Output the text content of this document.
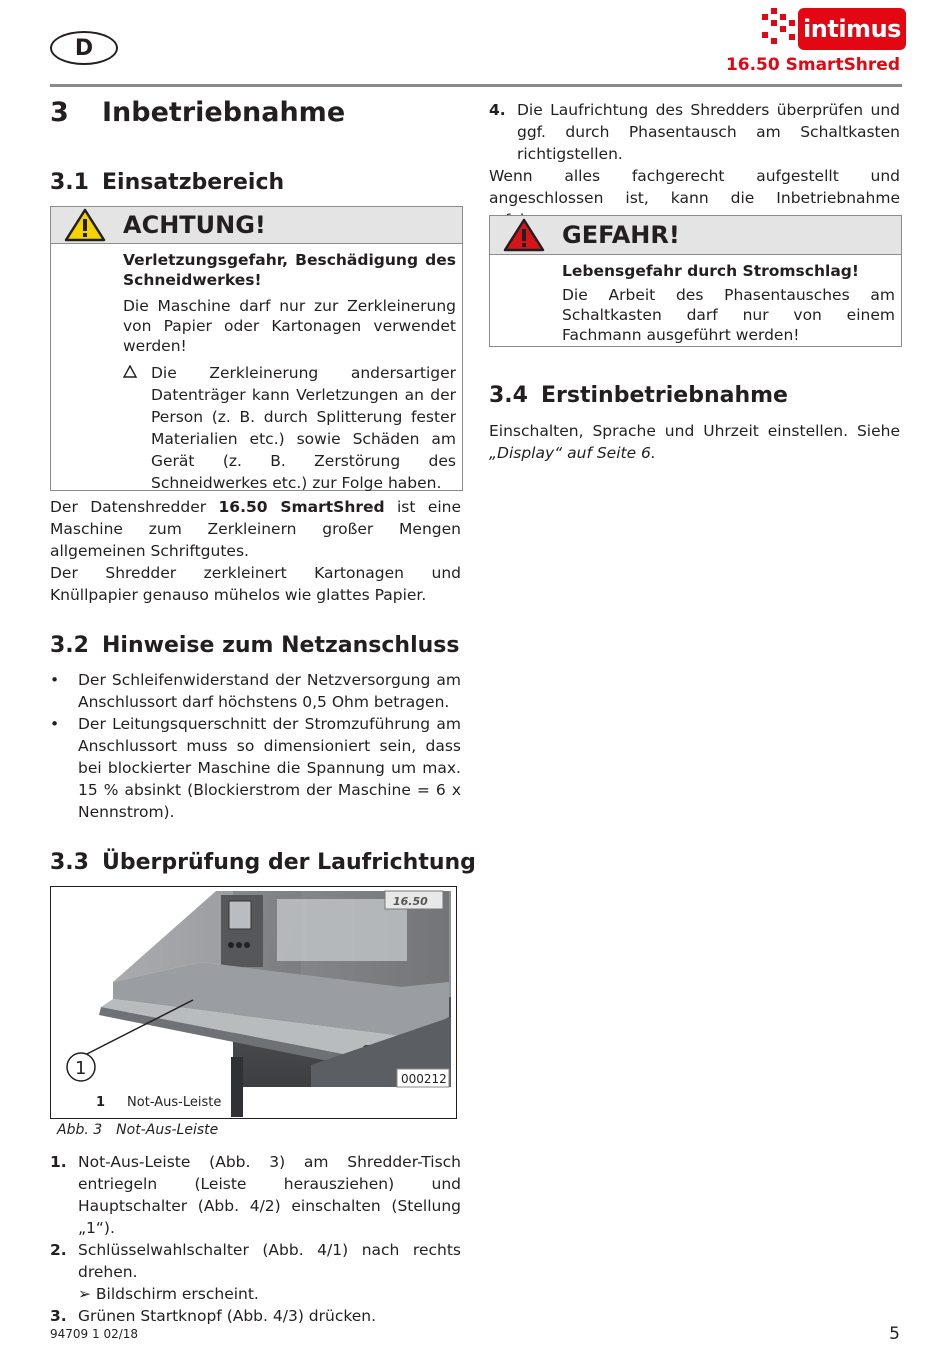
D
intimus
16.50 SmartShred
3 Inbetriebnahme
3.1 Einsatzbereich
ACHTUNG!

Verletzungsgefahr, Beschädigung des Schneidwerkes!

Die Maschine darf nur zur Zerkleinerung von Papier oder Kartonagen verwendet werden!

Die Zerkleinerung andersartiger Datenträger kann Verletzungen an der Person (z. B. durch Splitterung fester Materialien etc.) sowie Schäden am Gerät (z. B. Zerstörung des Schneidwerkes etc.) zur Folge haben.
Der Datenshredder 16.50 SmartShred ist eine Maschine zum Zerkleinern großer Mengen allgemeinen Schriftgutes.
Der Shredder zerkleinert Kartonagen und Knüllpapier genauso mühelos wie glattes Papier.
3.2 Hinweise zum Netzanschluss
• Der Schleifenwiderstand der Netzversorgung am Anschlussort darf höchstens 0,5 Ohm betragen.
• Der Leitungsquerschnitt der Stromzuführung am Anschlussort muss so dimensioniert sein, dass bei blockierter Maschine die Spannung um max. 15 % absinkt (Blockierstrom der Maschine = 6 x Nennstrom).
3.3 Überprüfung der Laufrichtung
16.50
1	000212
1 Not-Aus-Leiste
Abb. 3 Not-Aus-Leiste
1. Not-Aus-Leiste (Abb. 3) am Shredder-Tisch entriegeln (Leiste herausziehen) und Hauptschalter (Abb. 4/2) einschalten (Stellung „1“).
2. Schlüsselwahlschalter (Abb. 4/1) nach rechts drehen.
➢ Bildschirm erscheint.
3. Grünen Startknopf (Abb. 4/3) drücken.
4. Die Laufrichtung des Shredders überprüfen und ggf. durch Phasentausch am Schaltkasten richtigstellen.
Wenn alles fachgerecht aufgestellt und angeschlossen ist, kann die Inbetriebnahme
GEFAHR!

Lebensgefahr durch Stromschlag!

Die Arbeit des Phasentausches am Schaltkasten darf nur von einem Fachmann ausgeführt werden!

3.4 Erstinbetriebnahme
Einschalten, Sprache und Uhrzeit einstellen. Siehe „Display“ auf Seite 6.
94709 1 02/18	5
